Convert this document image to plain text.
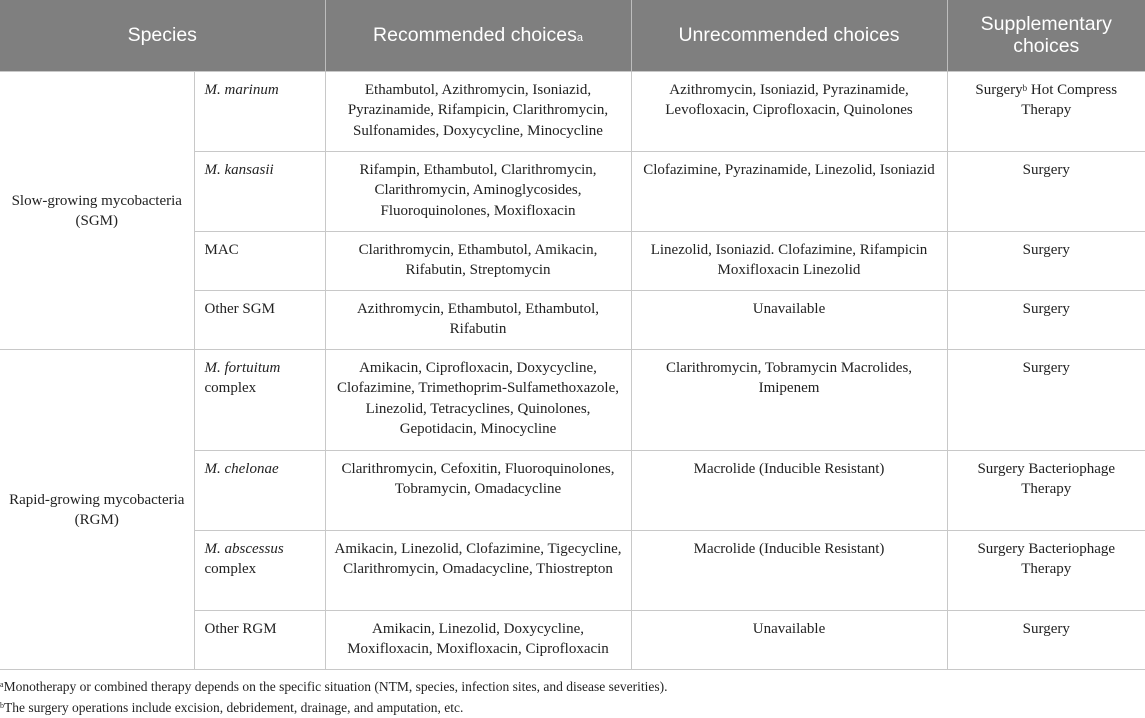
Species		Recommended choices$^a$	Unrecommended choices	Supplementary
choices
Slow-growing mycobacteria (SGM)	M. marinum	Ethambutol, Azithromycin, Isoniazid, Pyrazinamide, Rifampicin, Clarithromycin, Sulfonamides, Doxycycline, Minocycline	Azithromycin, Isoniazid, Pyrazinamide, Levofloxacin, Ciprofloxacin, Quinolones	Surgery$^b$ Hot Compress Therapy
	M. kansasii	Rifampin, Ethambutol, Clarithromycin, Clarithromycin, Aminoglycosides, Fluoroquinolones, Moxifloxacin	Clofazimine, Pyrazinamide, Linezolid, Isoniazid	Surgery
	MAC	Clarithromycin, Ethambutol, Amikacin, Rifabutin, Streptomycin	Linezolid, Isoniazid. Clofazimine, Rifampicin Moxifloxacin Linezolid	Surgery
	Other SGM	Azithromycin, Ethambutol, Ethambutol, Rifabutin	Unavailable	Surgery
Rapid-growing mycobacteria (RGM)	M. fortuitum
complex	Amikacin, Ciprofloxacin, Doxycycline, Clofazimine, Trimethoprim-Sulfamethoxazole, Linezolid, Tetracyclines, Quinolones, Gepotidacin, Minocycline	Clarithromycin, Tobramycin Macrolides, Imipenem	Surgery
	M. chelonae	Clarithromycin, Cefoxitin, Fluoroquinolones, Tobramycin, Omadacycline	Macrolide (Inducible Resistant)	Surgery Bacteriophage Therapy
	M. abscessus
complex	Amikacin, Linezolid, Clofazimine, Tigecycline, Clarithromycin, Omadacycline, Thiostrepton	Macrolide (Inducible Resistant)	Surgery Bacteriophage Therapy
	Other RGM	Amikacin, Linezolid, Doxycycline, Moxifloxacin, Moxifloxacin, Ciprofloxacin	Unavailable	Surgery
$^a$Monotherapy or combined therapy depends on the specific situation (NTM, species, infection sites, and disease severities).
$^b$The surgery operations include excision, debridement, drainage, and amputation, etc.
